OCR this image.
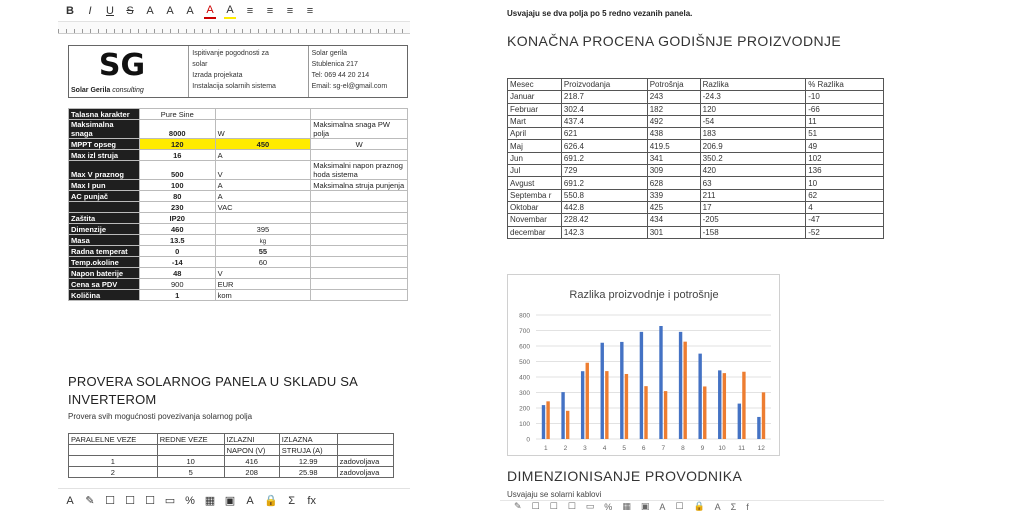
B	I	U S A A A A A ≡ ≡ ≡ ≡
SG
Solar Gerila consulting
Ispitivanje pogodnosti za
solar
Izrada projekata
Instalacija solarnih sistema
Solar gerila
Stublenica 217
Tel: 069 44 20 214
Email: sg-el@gmail.com
Talasna karakter	Pure Sine		
Maksimalna snaga	8000	W	Maksimalna snaga PW polja
MPPT opseg	120	450	W
Max izl struja	16	A	
Max V praznog	500	V	Maksimalni napon praznog hoda sistema
Max I pun	100	A	Maksimalna struja punjenja
AC punjač	80	A	
	230	VAC	
Zaštita	IP20		
Dimenzije	460	395	
Masa	13.5	kg	
Radna temperat	0	55	
Temp.okoline	-14	60	
Napon baterije	48	V	
Cena sa PDV	900	EUR	
Količina	1	kom	
PROVERA SOLARNOG PANELA U SKLADU SA INVERTEROM
Provera svih mogućnosti povezivanja solarnog polja
PARALELNE VEZE	REDNE VEZE	IZLAZNI	IZLAZNA	
		NAPON (V)	STRUJA (A)	
1	10	416	12.99	zadovoljava
2	5	208	25.98	zadovoljava
A ✎ ☐ ☐ ☐ ▭ % ▦ ▣ A 🔒 Σ fx
Usvajaju se dva polja po 5 redno vezanih panela.
KONAČNA PROCENA GODIŠNJE PROIZVODNJE
Mesec	Proizvodanja	Potrošnja	Razlika	% Razlika
Januar	218.7	243	-24.3	-10
Februar	302.4	182	120	-66
Mart	437.4	492	-54	11
April	621	438	183	51
Maj	626.4	419.5	206.9	49
Jun	691.2	341	350.2	102
Jul	729	309	420	136
Avgust	691.2	628	63	10
Septemba r	550.8	339	211	62
Oktobar	442.8	425	17	4
Novembar	228.42	434	-205	-47
decembar	142.3	301	-158	-52
Razlika proizvodnje i potrošnje
0
100
200
300
400
500
600
700
800
1 2 3 4 5 6 7 8 9 10 11 12
DIMENZIONISANJE PROVODNIKA
Usvajaju se solarni kablovi
✎ ☐ ☐ ☐ ▭ % ▦ ▣ A ☐ 🔒 A Σ f
